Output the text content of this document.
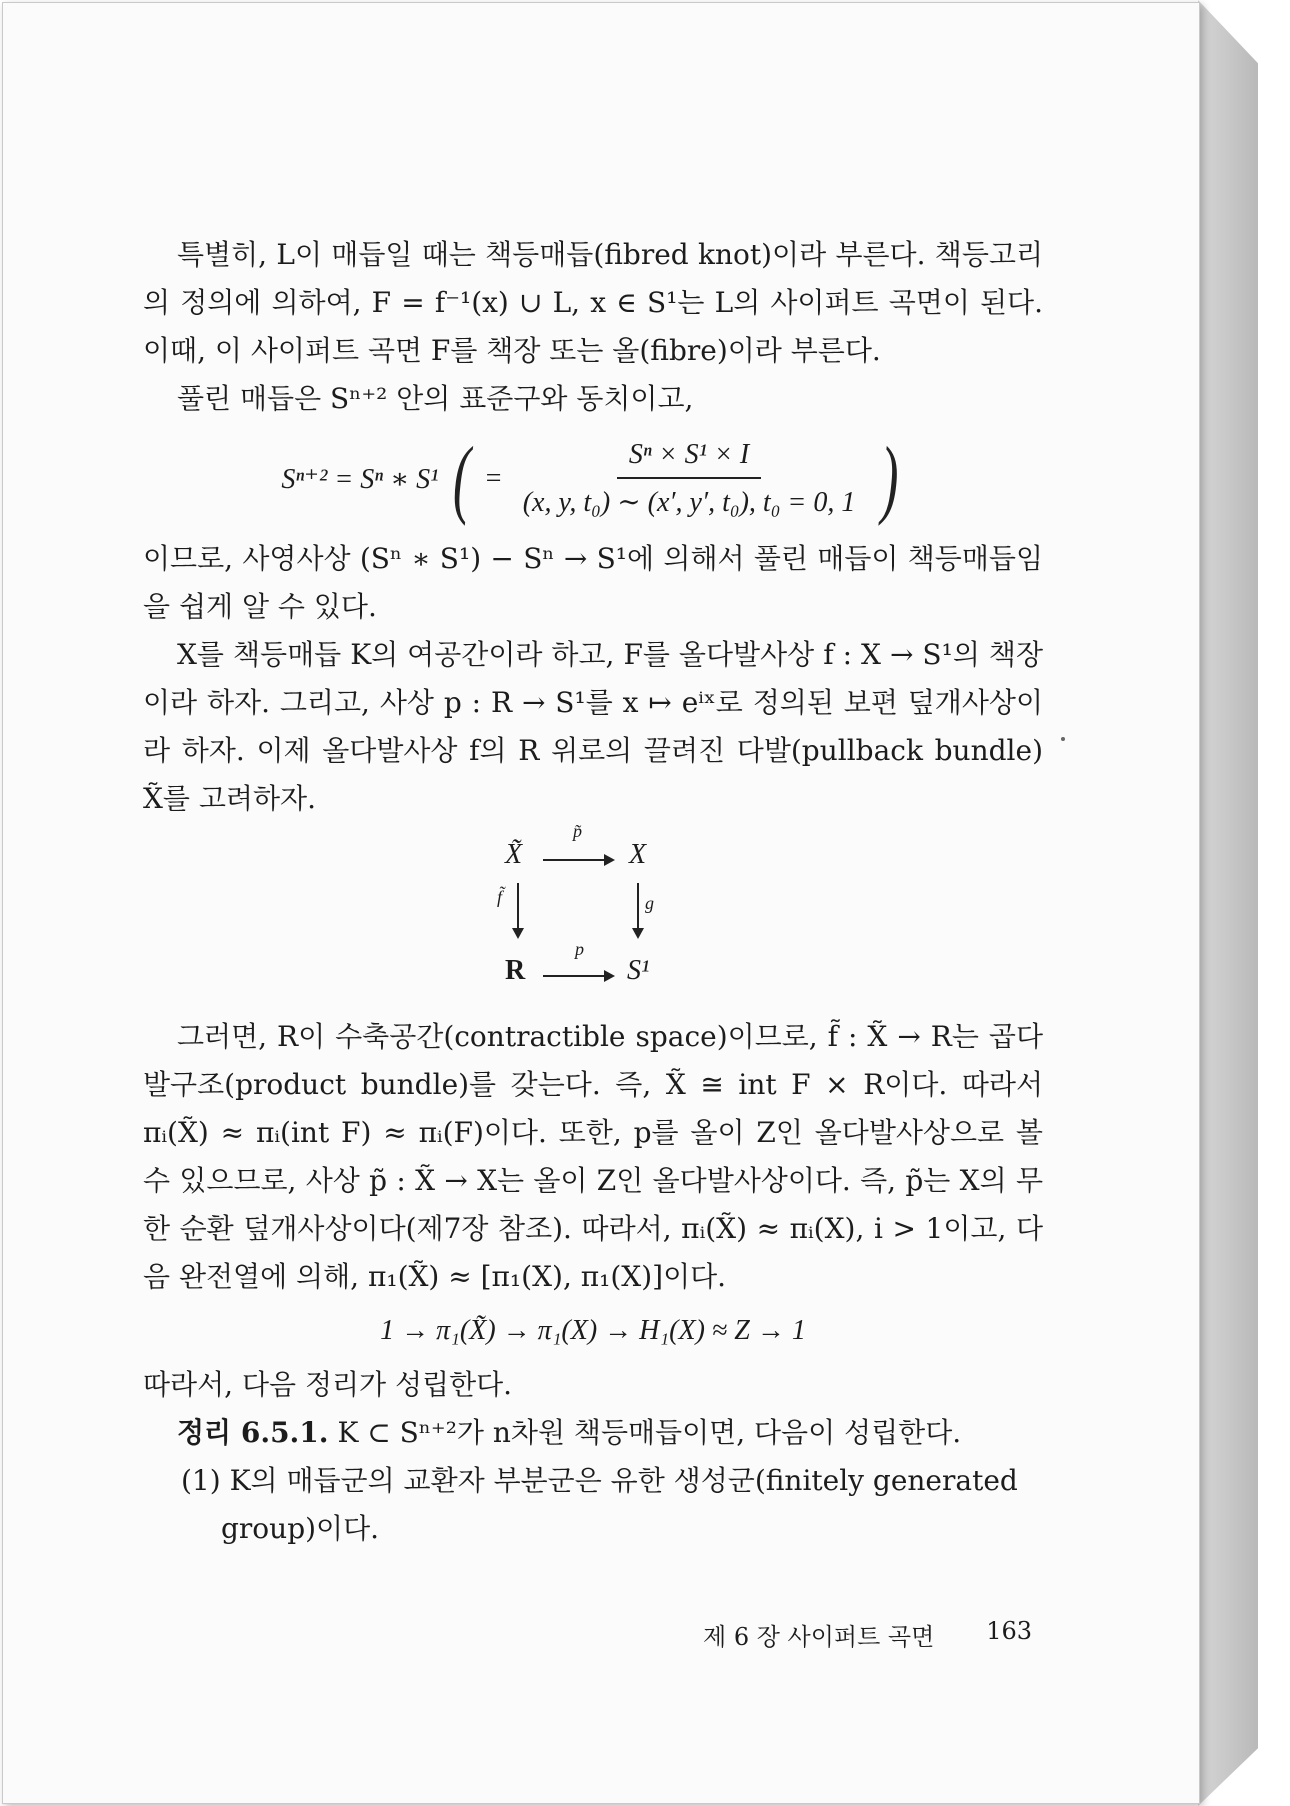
특별히, L이 매듭일 때는 책등매듭(fibred knot)이라 부른다. 책등고리의 정의에 의하여, F = f⁻¹(x) ∪ L, x ∈ S¹는 L의 사이퍼트 곡면이 된다. 이때, 이 사이퍼트 곡면 F를 책장 또는 올(fibre)이라 부른다.

풀린 매듭은 Sⁿ⁺² 안의 표준구와 동치이고,

Sⁿ⁺² = Sⁿ ∗ S¹ ( = $\frac{\text{Sⁿ × S¹ × I}}{\text{(x, y, t₀) ∼ (x′, y′, t₀), t₀ = 0, 1}}$ )

이므로, 사영사상 (Sⁿ ∗ S¹) − Sⁿ → S¹에 의해서 풀린 매듭이 책등매듭임을 쉽게 알 수 있다.

X를 책등매듭 K의 여공간이라 하고, F를 올다발사상 f : X → S¹의 책장이라 하자. 그리고, 사상 p : R → S¹를 x ↦ eⁱˣ로 정의된 보편 덮개사상이라 하자. 이제 올다발사상 f의 R 위로의 끌려진 다발(pullback bundle) X̃를 고려하자.

X̃	X
p̃
f̃	g
R	S¹
p

그러면, R이 수축공간(contractible space)이므로, f̃ : X̃ → R는 곱다발구조(product bundle)를 갖는다. 즉, X̃ ≅ int F × R이다. 따라서 πᵢ(X̃) ≈ πᵢ(int F) ≈ πᵢ(F)이다. 또한, p를 올이 Z인 올다발사상으로 볼 수 있으므로, 사상 p̃ : X̃ → X는 올이 Z인 올다발사상이다. 즉, p̃는 X의 무한 순환 덮개사상이다(제7장 참조). 따라서, πᵢ(X̃) ≈ πᵢ(X), i > 1이고, 다음 완전열에 의해, π₁(X̃) ≈ [π₁(X), π₁(X)]이다.

1 → π₁(X̃) → π₁(X) → H₁(X) ≈ Z → 1

따라서, 다음 정리가 성립한다.

정리 6.5.1. K ⊂ Sⁿ⁺²가 n차원 책등매듭이면, 다음이 성립한다.

(1) K의 매듭군의 교환자 부분군은 유한 생성군(finitely generated group)이다.

제 6 장 사이퍼트 곡면 163
